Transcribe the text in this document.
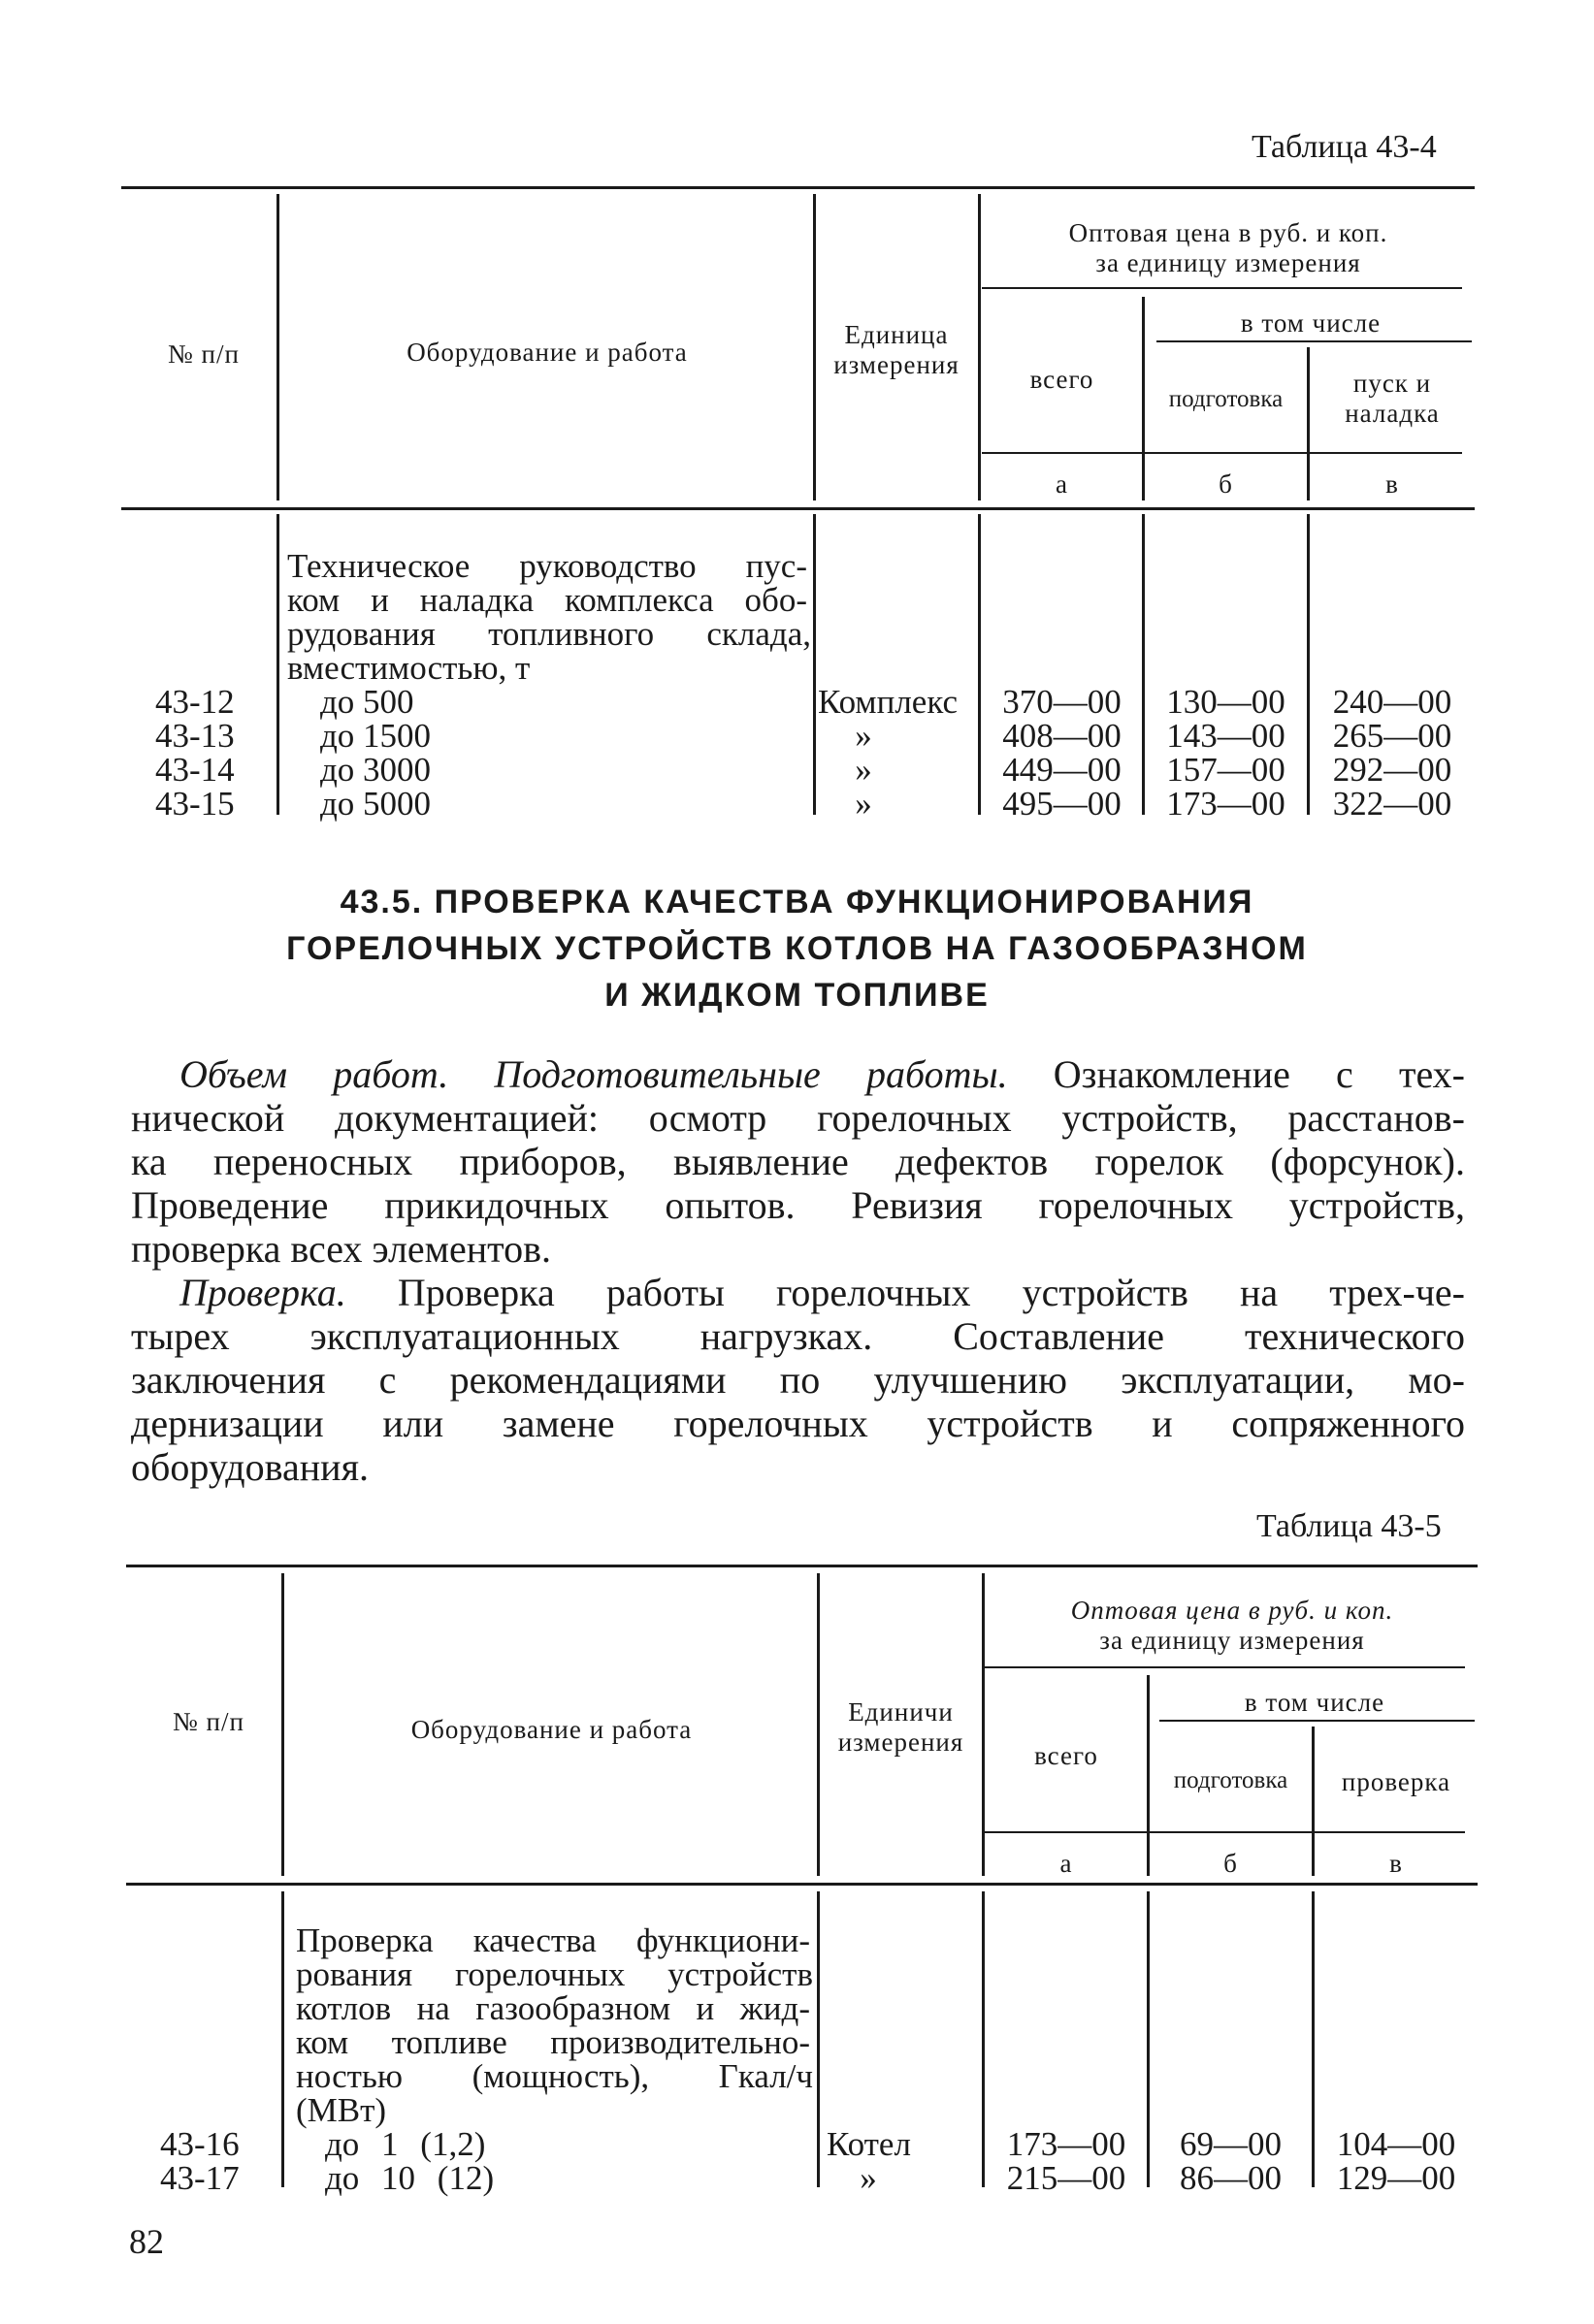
Таблица 43-4
№ п/п	Оборудование и работа
Единица
измерения
Оптовая цена в руб. и коп.
за единицу измерения
в том числе
всего
подготовка
пуск и
наладка
а	б	в
Техническое руководство пус-
ком и наладка комплекса обо-
рудования топливного склада,
вместимостью, т
43-12	до 500	Комплекс	370—00	130—00	240—00
43-13	до 1500	»	408—00	143—00	265—00
43-14	до 3000	»	449—00	157—00	292—00
43-15	до 5000	»	495—00	173—00	322—00
43.5. ПРОВЕРКА КАЧЕСТВА ФУНКЦИОНИРОВАНИЯ
ГОРЕЛОЧНЫХ УСТРОЙСТВ КОТЛОВ НА ГАЗООБРАЗНОМ
И ЖИДКОМ ТОПЛИВЕ
Объем работ. Подготовительные работы. Ознакомление с тех-
нической документацией: осмотр горелочных устройств, расстанов-
ка переносных приборов, выявление дефектов горелок (форсунок).
Проведение прикидочных опытов. Ревизия горелочных устройств,
проверка всех элементов.
Проверка. Проверка работы горелочных устройств на трех-че-
тырех эксплуатационных нагрузках. Составление технического
заключения с рекомендациями по улучшению эксплуатации, мо-
дернизации или замене горелочных устройств и сопряженного
оборудования.
Таблица 43-5
№ п/п	Оборудование и работа
Единичи
измерения
Оптовая цена в руб. и коп.
за единицу измерения
в том числе
всего
подготовка	проверка
а	б	в
Проверка качества функциони-
рования горелочных устройств
котлов на газообразном и жид-
ком топливе производительно-
ностью (мощность), Гкал/ч
(МВт)
43-16	до 1 (1,2)	Котел	173—00	69—00	104—00
43-17	до 10 (12)	»	215—00	86—00	129—00
82
